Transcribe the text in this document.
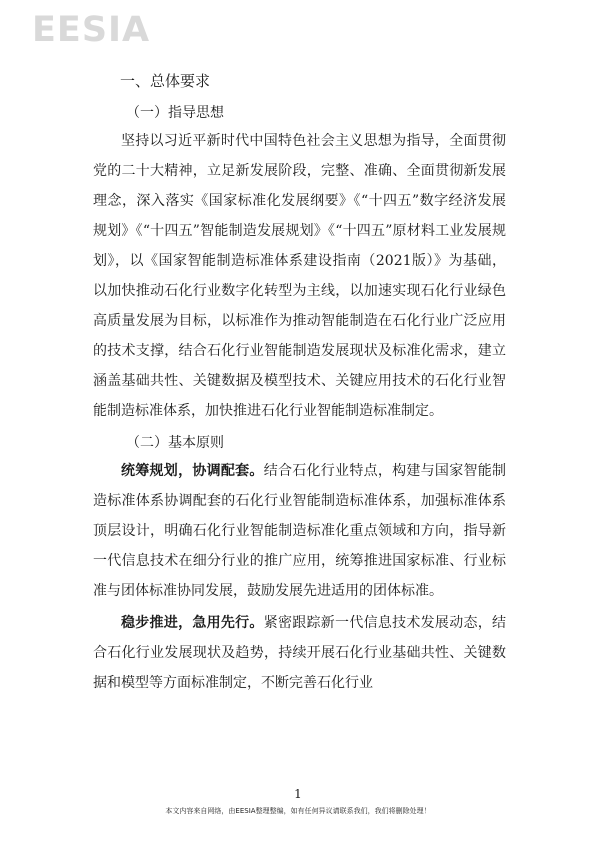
EESIA
一、总体要求
（一）指导思想

坚持以习近平新时代中国特色社会主义思想为指导，全面贯彻党的二十大精神，立足新发展阶段，完整、准确、全面贯彻新发展理念，深入落实《国家标准化发展纲要》《“十四五”数字经济发展规划》《“十四五”智能制造发展规划》《“十四五”原材料工业发展规划》，以《国家智能制造标准体系建设指南（2021版）》为基础，以加快推动石化行业数字化转型为主线，以加速实现石化行业绿色高质量发展为目标，以标准作为推动智能制造在石化行业广泛应用的技术支撑，结合石化行业智能制造发展现状及标准化需求，建立涵盖基础共性、关键数据及模型技术、关键应用技术的石化行业智能制造标准体系，加快推进石化行业智能制造标准制定。

（二）基本原则

统筹规划，协调配套。结合石化行业特点，构建与国家智能制造标准体系协调配套的石化行业智能制造标准体系，加强标准体系顶层设计，明确石化行业智能制造标准化重点领域和方向，指导新一代信息技术在细分行业的推广应用，统筹推进国家标准、行业标准与团体标准协同发展，鼓励发展先进适用的团体标准。

稳步推进，急用先行。紧密跟踪新一代信息技术发展动态，结合石化行业发展现状及趋势，持续开展石化行业基础共性、关键数据和模型等方面标准制定，不断完善石化行业

1
本文内容来自网络，由EESIA整理整编，如有任何异议请联系我们，我们将删除处理！
